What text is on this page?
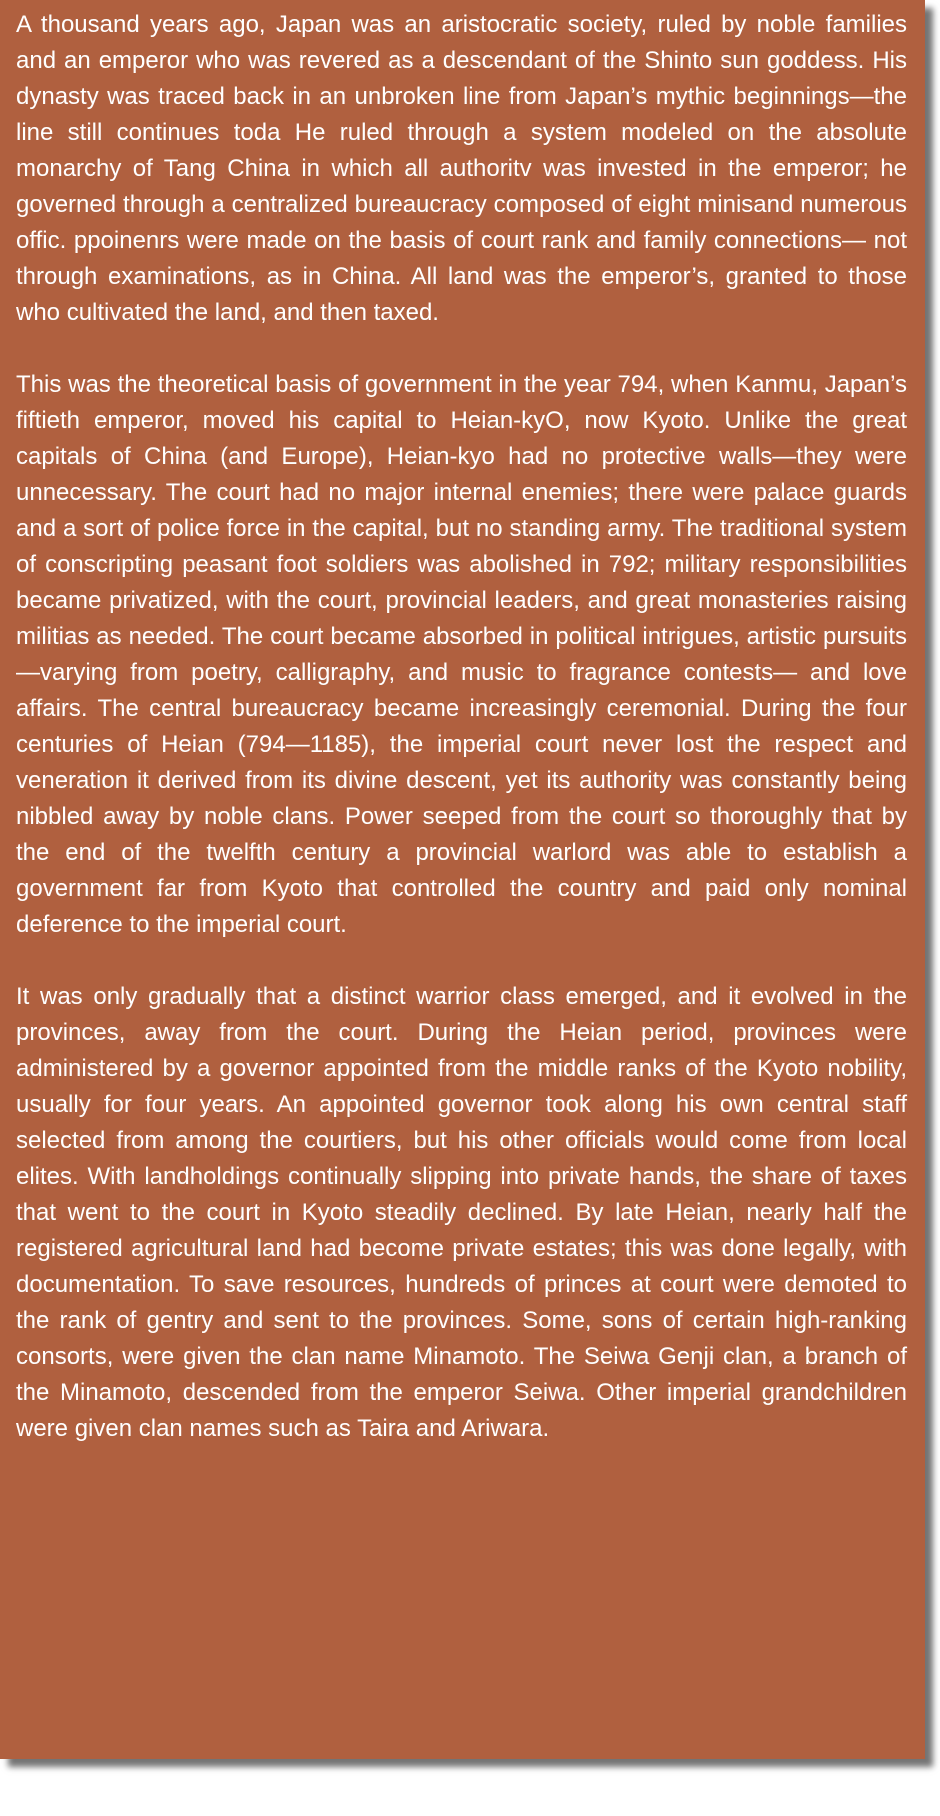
A thousand years ago, Japan was an aristocratic society, ruled by noble families and an emperor who was revered as a descendant of the Shinto sun goddess. His dynasty was traced back in an unbroken line from Japan’s mythic beginnings—the line still continues toda He ruled through a system modeled on the absolute monarchy of Tang China in which all authoritv was invested in the emperor; he governed through a centralized bureaucracy composed of eight minisand numerous offic. ppoinenrs were made on the basis of court rank and family connections— not through examinations, as in China. All land was the emperor’s, granted to those who cultivated the land, and then taxed.

This was the theoretical basis of government in the year 794, when Kanmu, Japan’s fiftieth emperor, moved his capital to Heian-kyO, now Kyoto. Unlike the great capitals of China (and Europe), Heian-kyo had no protective walls—they were unnecessary. The court had no major internal enemies; there were palace guards and a sort of police force in the capital, but no standing army. The traditional system of conscripting peasant foot soldiers was abolished in 792; military responsibilities became privatized, with the court, provincial leaders, and great monasteries raising militias as needed. The court became absorbed in political intrigues, artistic pursuits—varying from poetry, calligraphy, and music to fragrance contests— and love affairs. The central bureaucracy became increasingly ceremonial. During the four centuries of Heian (794—1185), the imperial court never lost the respect and veneration it derived from its divine descent, yet its authority was constantly being nibbled away by noble clans. Power seeped from the court so thoroughly that by the end of the twelfth century a provincial warlord was able to establish a government far from Kyoto that controlled the country and paid only nominal deference to the imperial court.

It was only gradually that a distinct warrior class emerged, and it evolved in the provinces, away from the court. During the Heian period, provinces were administered by a governor appointed from the middle ranks of the Kyoto nobility, usually for four years. An appointed governor took along his own central staff selected from among the courtiers, but his other officials would come from local elites. With landholdings continually slipping into private hands, the share of taxes that went to the court in Kyoto steadily declined. By late Heian, nearly half the registered agricultural land had become private estates; this was done legally, with documentation. To save resources, hundreds of princes at court were demoted to the rank of gentry and sent to the provinces. Some, sons of certain high-ranking consorts, were given the clan name Minamoto. The Seiwa Genji clan, a branch of the Minamoto, descended from the emperor Seiwa. Other imperial grandchildren were given clan names such as Taira and Ariwara.
